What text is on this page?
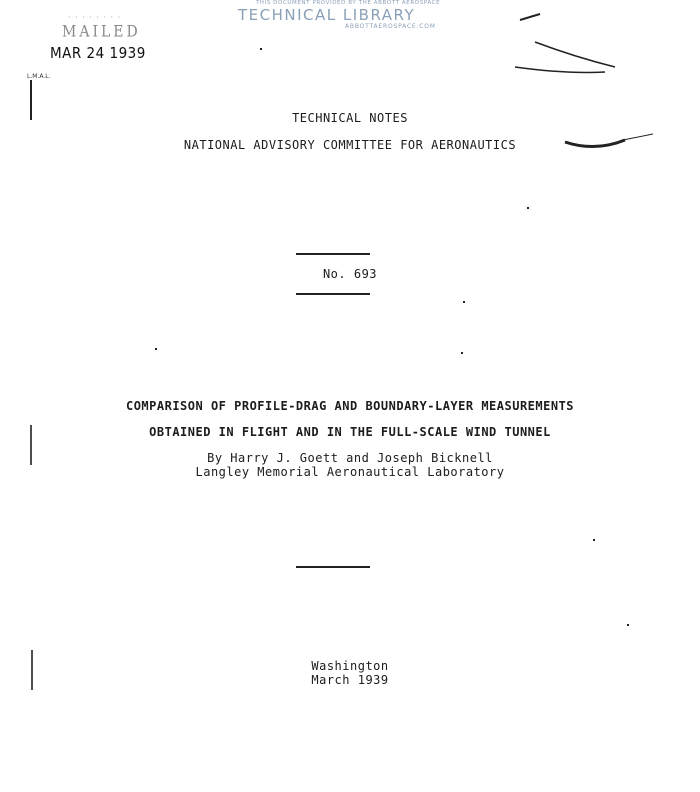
THIS DOCUMENT PROVIDED BY THE ABBOTT AEROSPACE
TECHNICAL LIBRARY
ABBOTTAEROSPACE.COM
· · · · · · · ·
MAILED
MAR 24 1939
L.M.A.L.
TECHNICAL NOTES
NATIONAL ADVISORY COMMITTEE FOR AERONAUTICS
No. 693
COMPARISON OF PROFILE-DRAG AND BOUNDARY-LAYER MEASUREMENTS
OBTAINED IN FLIGHT AND IN THE FULL-SCALE WIND TUNNEL
By Harry J. Goett and Joseph Bicknell
Langley Memorial Aeronautical Laboratory
Washington
March 1939
